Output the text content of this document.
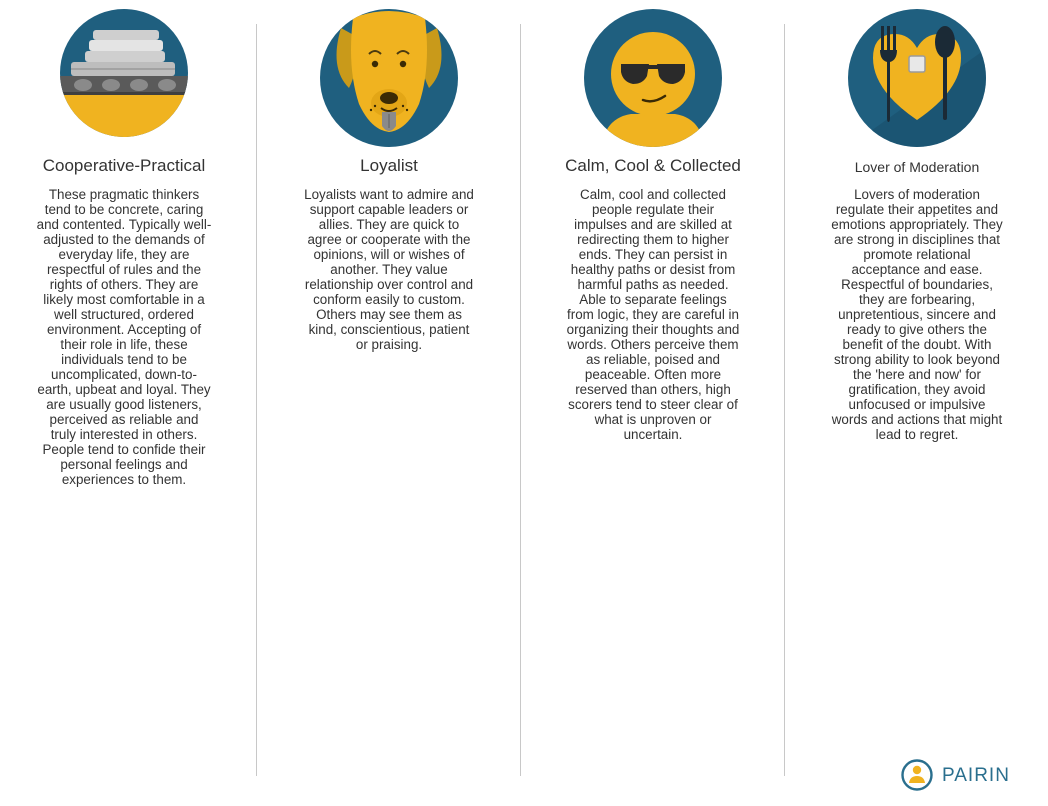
Cooperative-Practical

These pragmatic thinkers tend to be concrete, caring and contented. Typically well-adjusted to the demands of everyday life, they are respectful of rules and the rights of others. They are likely most comfortable in a well structured, ordered environment. Accepting of their role in life, these individuals tend to be uncomplicated, down-to-earth, upbeat and loyal. They are usually good listeners, perceived as reliable and truly interested in others. People tend to confide their personal feelings and experiences to them.

Loyalist

Loyalists want to admire and support capable leaders or allies. They are quick to agree or cooperate with the opinions, will or wishes of another. They value relationship over control and conform easily to custom. Others may see them as kind, conscientious, patient or praising.

Calm, Cool & Collected

Calm, cool and collected people regulate their impulses and are skilled at redirecting them to higher ends. They can persist in healthy paths or desist from harmful paths as needed. Able to separate feelings from logic, they are careful in organizing their thoughts and words. Others perceive them as reliable, poised and peaceable. Often more reserved than others, high scorers tend to steer clear of what is unproven or uncertain.

Lover of Moderation

Lovers of moderation regulate their appetites and emotions appropriately. They are strong in disciplines that promote relational acceptance and ease. Respectful of boundaries, they are forbearing, unpretentious, sincere and ready to give others the benefit of the doubt. With strong ability to look beyond the 'here and now' for gratification, they avoid unfocused or impulsive words and actions that might lead to regret.

PAIRIN
